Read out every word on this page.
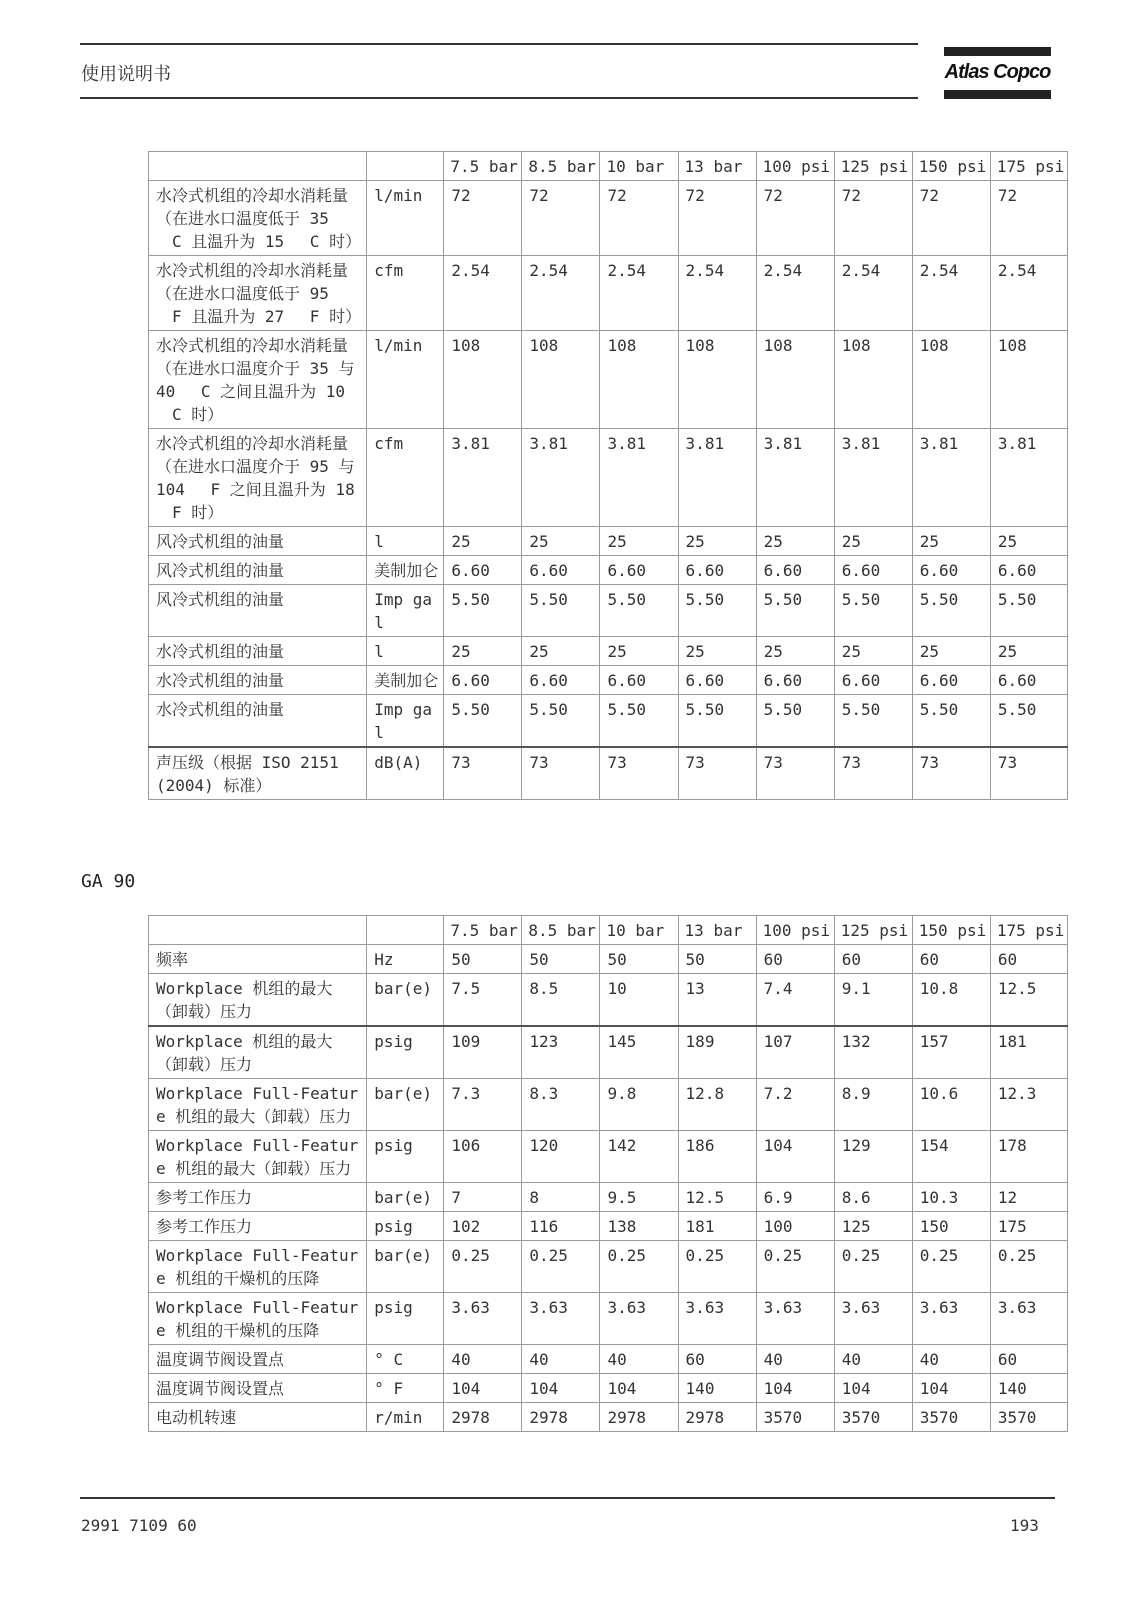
使用说明书	Atlas Copco
		7.5 bar	8.5 bar	10 bar	13 bar	100 psi	125 psi	150 psi	175 psi
水冷式机组的冷却水消耗量（在进水口温度低于 35 　C 且温升为 15 　C 时）	l/min	72	72	72	72	72	72	72	72
水冷式机组的冷却水消耗量（在进水口温度低于 95 　F 且温升为 27 　F 时）	cfm	2.54	2.54	2.54	2.54	2.54	2.54	2.54	2.54
水冷式机组的冷却水消耗量（在进水口温度介于 35 与 40 　C 之间且温升为 10 　C 时）	l/min	108	108	108	108	108	108	108	108
水冷式机组的冷却水消耗量（在进水口温度介于 95 与 104 　F 之间且温升为 18 　F 时）	cfm	3.81	3.81	3.81	3.81	3.81	3.81	3.81	3.81
风冷式机组的油量	l	25	25	25	25	25	25	25	25
风冷式机组的油量	美制加仑	6.60	6.60	6.60	6.60	6.60	6.60	6.60	6.60
风冷式机组的油量	Imp gal	5.50	5.50	5.50	5.50	5.50	5.50	5.50	5.50
水冷式机组的油量	l	25	25	25	25	25	25	25	25
水冷式机组的油量	美制加仑	6.60	6.60	6.60	6.60	6.60	6.60	6.60	6.60
水冷式机组的油量	Imp gal	5.50	5.50	5.50	5.50	5.50	5.50	5.50	5.50
声压级（根据 ISO 2151 (2004) 标准）	dB(A)	73	73	73	73	73	73	73	73
GA 90
		7.5 bar	8.5 bar	10 bar	13 bar	100 psi	125 psi	150 psi	175 psi
频率	Hz	50	50	50	50	60	60	60	60
Workplace 机组的最大（卸载）压力	bar(e)	7.5	8.5	10	13	7.4	9.1	10.8	12.5
Workplace 机组的最大（卸载）压力	psig	109	123	145	189	107	132	157	181
Workplace Full-Feature 机组的最大（卸载）压力	bar(e)	7.3	8.3	9.8	12.8	7.2	8.9	10.6	12.3
Workplace Full-Feature 机组的最大（卸载）压力	psig	106	120	142	186	104	129	154	178
参考工作压力	bar(e)	7	8	9.5	12.5	6.9	8.6	10.3	12
参考工作压力	psig	102	116	138	181	100	125	150	175
Workplace Full-Feature 机组的干燥机的压降	bar(e)	0.25	0.25	0.25	0.25	0.25	0.25	0.25	0.25
Workplace Full-Feature 机组的干燥机的压降	psig	3.63	3.63	3.63	3.63	3.63	3.63	3.63	3.63
温度调节阀设置点	° C	40	40	40	60	40	40	40	60
温度调节阀设置点	° F	104	104	104	140	104	104	104	140
电动机转速	r/min	2978	2978	2978	2978	3570	3570	3570	3570
2991 7109 60	193
